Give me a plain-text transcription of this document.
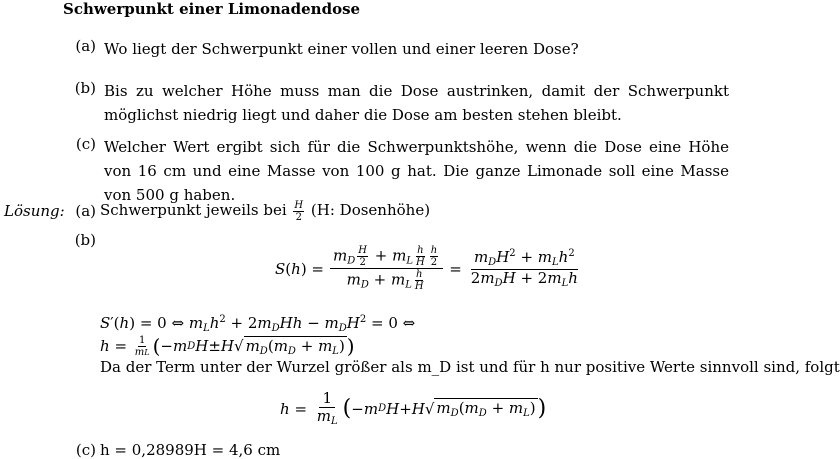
Schwerpunkt einer Limonadendose
(a) Wo liegt der Schwerpunkt einer vollen und einer leeren Dose?
(b) Bis zu welcher Höhe muss man die Dose austrinken, damit der Schwerpunkt möglichst niedrig liegt und daher die Dose am besten stehen bleibt.
(c) Welcher Wert ergibt sich für die Schwerpunktshöhe, wenn die Dose eine Höhe von 16 cm und eine Masse von 100 g hat. Die ganze Limonade soll eine Masse von 500 g haben.
Lösung: (a) Schwerpunkt jeweils bei $\frac{H}{2} (H$: Dosenhöhe)
(b)
S ( h ) = $\frac{m_D \frac{H}{2} + m_L \frac{h}{H} \frac{h}{2}}{m_D + m_L \frac{h}{H}} = \frac{m_DH^2 + m_Lh^2}{2m_DH + 2m_Lh}$
S′(h) = 0 ⇔ $m_Lh^2 + 2m_DHh - m_DH^2 = 0$ ⇔
$h = \frac{1}{mL}$ ( − m D H ± H √ $m_D(m_D + m_L)$ )
Da der Term unter der Wurzel größer als m_D ist und für h nur positive Werte sinnvoll sind, folgt
$h = \frac{1}{m_L}$ ( − m D H + H √ $m_D(m_D + m_L)$ )
(c) h = 0,28989H = 4,6 cm
